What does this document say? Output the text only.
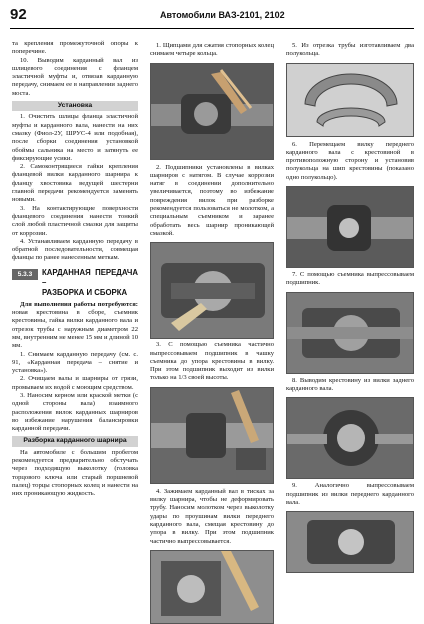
92	Автомобили ВАЗ-2101, 2102

та крепления промежуточной опоры к поперечине.

10. Выводим карданный вал из шлицевого соединения с фланцем эластичной муфты и, отвязав карданную передачу, снимаем ее в направлении заднего моста.

Установка

1. Очистить шлицы фланца эластичной муфты и карданного вала, нанести на них смазку (Фиол-2У, ШРУС-4 или подобная), после сборки соединения установкой обоймы сальника на место и затянуть ее фиксирующие усики.

2. Самоконтрящиеся гайки крепления фланцевой вилки карданного шарнира к фланцу хвостовика ведущей шестерни главной передачи рекомендуется заменять новыми.

3. На контактирующие поверхности фланцевого соединения нанести тонкий слой любой пластичной смазки для защиты от коррозии.

4. Устанавливаем карданную передачу в обратной последовательности, совмещая фланцы по ранее нанесенным меткам.

5.3.3	КАРДАННАЯ ПЕРЕДАЧА –
РАЗБОРКА И СБОРКА

Для выполнения работы потребуются: новая крестовина в сборе, съемник крестовины, гайка вилки карданного вала и отрезок трубы с наружным диаметром 22 мм, внутренним не менее 15 мм и длиной 10 мм.

1. Снимаем карданную передачу (см. с. 91, «Карданная передача – снятие и установка»).

2. Очищаем валы и шарниры от грязи, промываем их водой с моющим средством.

3. Наносим керном или краской метки (с одной стороны вала) взаимного расположения вилок карданных шарниров во избежание нарушения балансировки карданной передачи.

Разборка карданного шарнира

На автомобиле с большим пробегом рекомендуется предварительно обстучать через подходящую выколотку (головка торцового ключа или старый поршневой палец) торцы стопорных колец и нанести на них проникающую жидкость.

1. Щипцами для сжатия стопорных колец снимаем четыре кольца.

2. Подшипники установлены в вилках шарниров с натягом. В случае коррозии натяг в соединении дополнительно увеличивается, поэтому во избежание повреждения вилок при разборке рекомендуется пользоваться не молотком, а специальным съемником и заранее обработать весь шарнир проникающей смазкой.

3. С помощью съемника частично выпрессовываем подшипник в чашку съемника до упора крестовины в вилку. При этом подшипник выходит из вилки только на 1/3 своей высоты.

4. Зажимаем карданный вал в тисках за вилку шарнира, чтобы не деформировать трубу. Наносим молотком через выколотку удары по проушинам вилки переднего карданного вала, смещая крестовину до упора в вилку. При этом подшипник частично выпрессовывается.

5. Из отрезка трубы изготавливаем два полукольца.

6. Перемещаем вилку переднего карданного вала с крестовиной в противоположную сторону и установив полукольца на шип крестовины (показано одно полукольцо).

7. С помощью съемника выпрессовываем подшипник.

8. Выводим крестовину из вилки заднего карданного вала.

9. Аналогично выпрессовываем подшипник из вилки переднего карданного вала.
